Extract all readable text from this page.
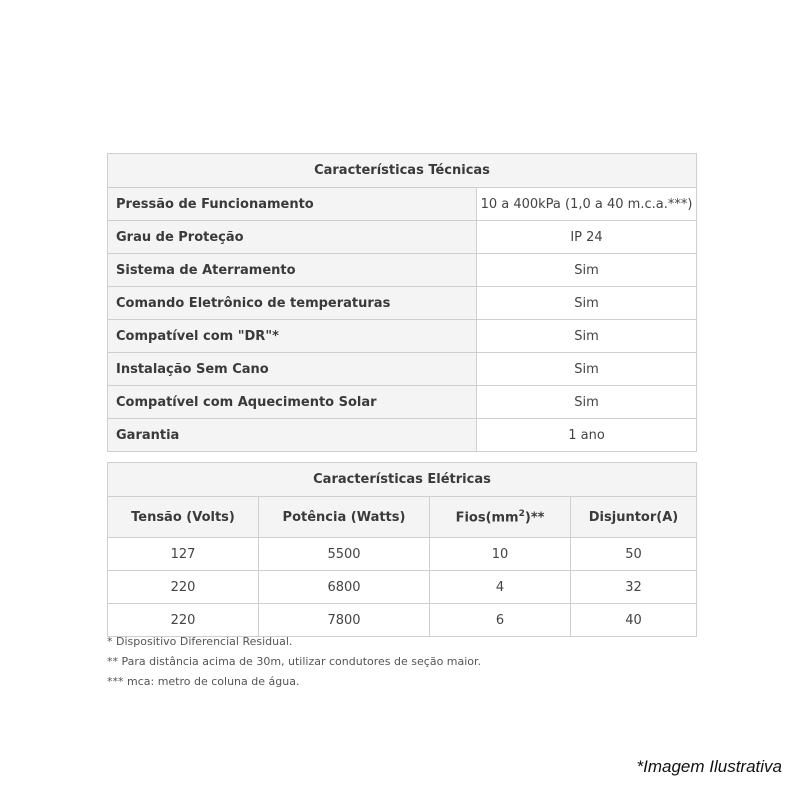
Características Técnicas	
Pressão de Funcionamento	10 a 400kPa (1,0 a 40 m.c.a.***)
Grau de Proteção	IP 24
Sistema de Aterramento	Sim
Comando Eletrônico de temperaturas	Sim
Compatível com "DR"*	Sim
Instalação Sem Cano	Sim
Compatível com Aquecimento Solar	Sim
Garantia	1 ano
Características Elétricas			
Tensão (Volts)	Potência (Watts)	$Fios(mm^2)**$	Disjuntor(A)
127	5500	10	50
220	6800	4	32
220	7800	6	40
* Dispositivo Diferencial Residual.
** Para distância acima de 30m, utilizar condutores de seção maior.
*** mca: metro de coluna de água.
*Imagem Ilustrativa
